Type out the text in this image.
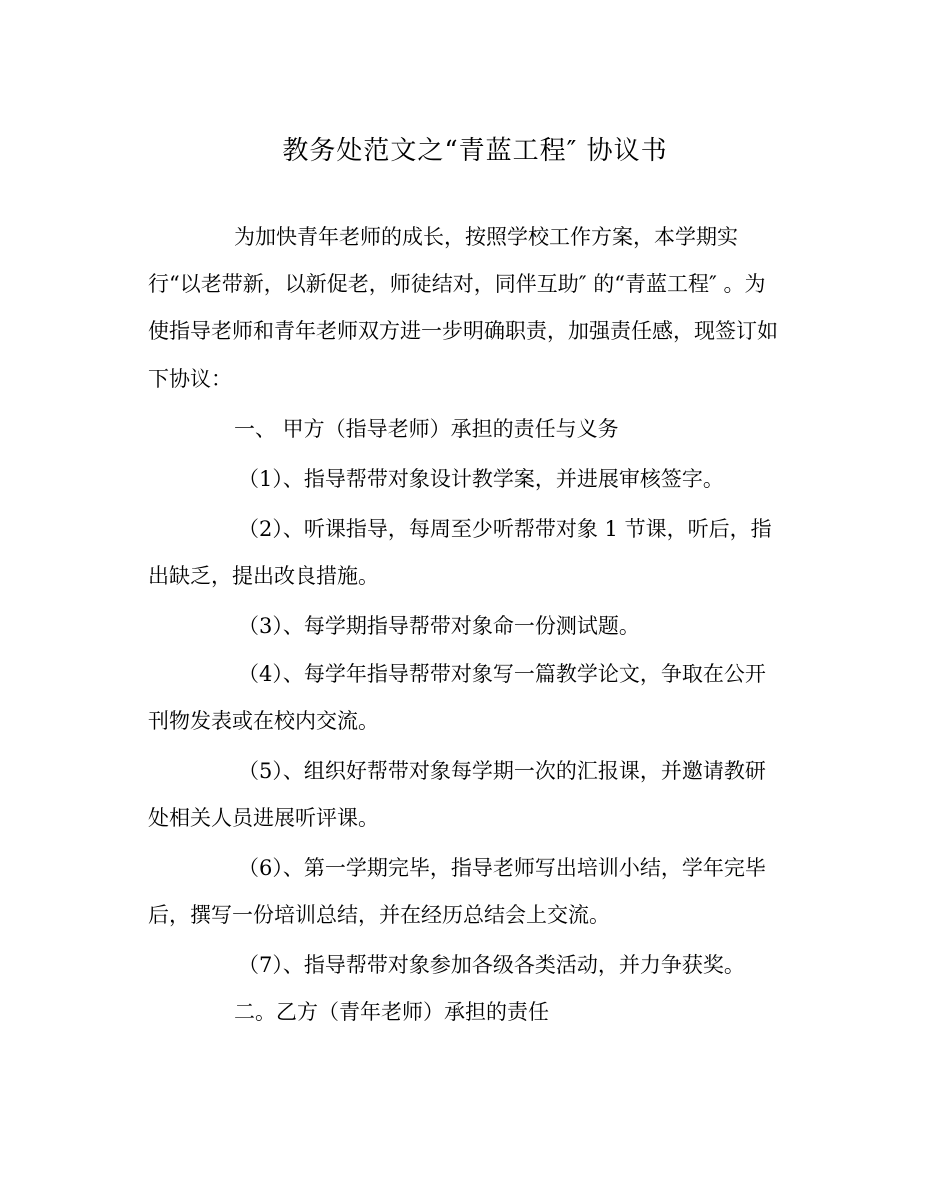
教务处范文之“青蓝工程″ 协议书
为加快青年老师的成长，按照学校工作方案，本学期实
行“以老带新，以新促老，师徒结对，同伴互助″ 的“青蓝工程″ 。为
使指导老师和青年老师双方进一步明确职责，加强责任感，现签订如
下协议：
一、 甲方（指导老师）承担的责任与义务
（1）、指导帮带对象设计教学案，并进展审核签字。
（2）、听课指导，每周至少听帮带对象 1 节课，听后，指
出缺乏，提出改良措施。
（3）、每学期指导帮带对象命一份测试题。
（4）、每学年指导帮带对象写一篇教学论文，争取在公开
刊物发表或在校内交流。
（5）、组织好帮带对象每学期一次的汇报课，并邀请教研
处相关人员进展听评课。
（6）、第一学期完毕，指导老师写出培训小结，学年完毕
后，撰写一份培训总结，并在经历总结会上交流。
（7）、指导帮带对象参加各级各类活动，并力争获奖。
二。乙方（青年老师）承担的责任
